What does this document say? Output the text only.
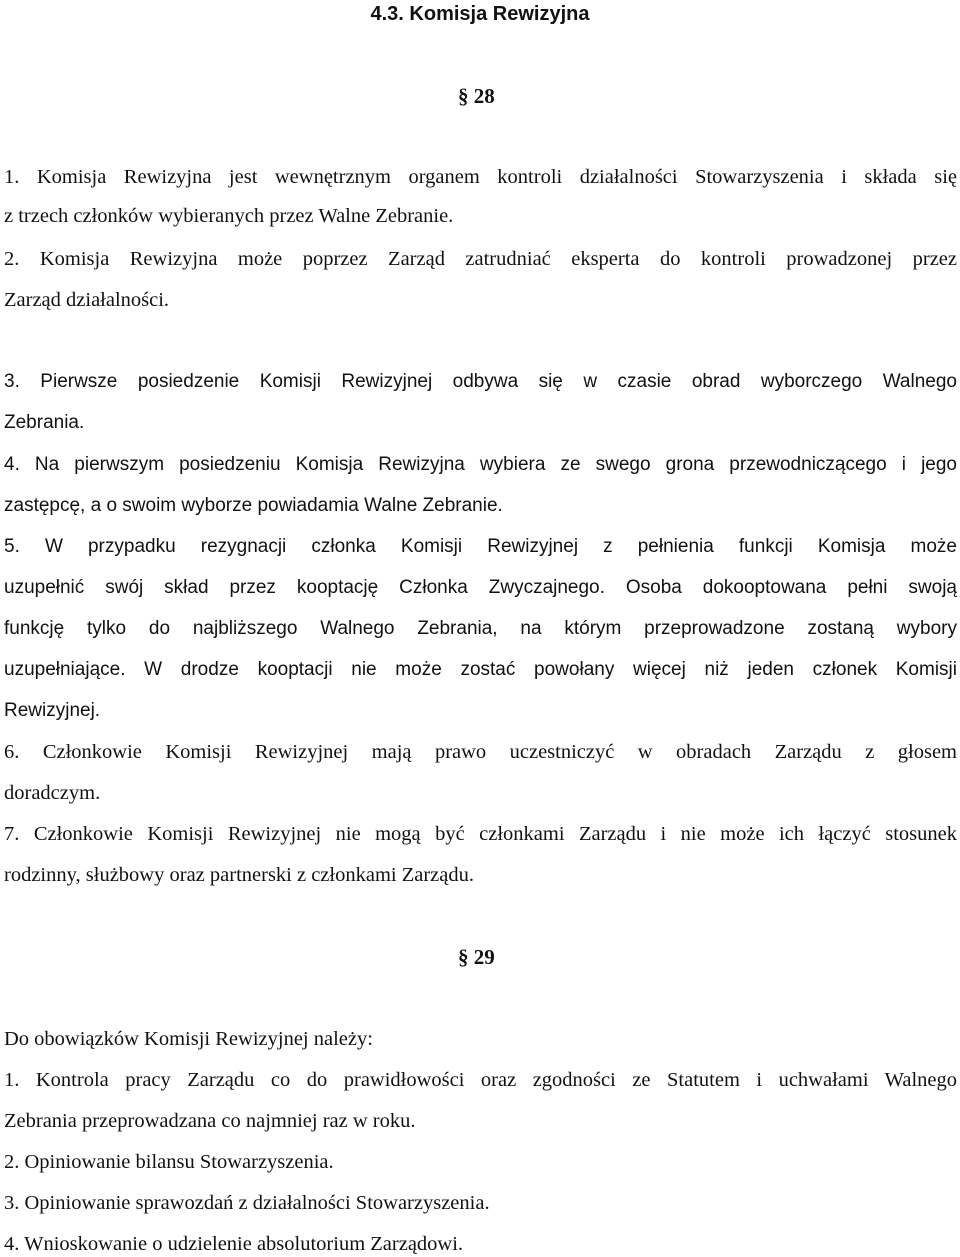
4.3. Komisja Rewizyjna
§ 28
1. Komisja Rewizyjna jest wewnętrznym organem kontroli działalności Stowarzyszenia i składa się
z trzech członków wybieranych przez Walne Zebranie.
2. Komisja Rewizyjna może poprzez Zarząd zatrudniać eksperta do kontroli prowadzonej przez
Zarząd działalności.
3. Pierwsze posiedzenie Komisji Rewizyjnej odbywa się w czasie obrad wyborczego Walnego
Zebrania.
4. Na pierwszym posiedzeniu Komisja Rewizyjna wybiera ze swego grona przewodniczącego i jego
zastępcę, a o swoim wyborze powiadamia Walne Zebranie.
5. W przypadku rezygnacji członka Komisji Rewizyjnej z pełnienia funkcji Komisja może
uzupełnić swój skład przez kooptację Członka Zwyczajnego. Osoba dokooptowana pełni swoją
funkcję tylko do najbliższego Walnego Zebrania, na którym przeprowadzone zostaną wybory
uzupełniające. W drodze kooptacji nie może zostać powołany więcej niż jeden członek Komisji
Rewizyjnej.
6. Członkowie Komisji Rewizyjnej mają prawo uczestniczyć w obradach Zarządu z głosem
doradczym.
7. Członkowie Komisji Rewizyjnej nie mogą być członkami Zarządu i nie może ich łączyć stosunek
rodzinny, służbowy oraz partnerski z członkami Zarządu.
§ 29
Do obowiązków Komisji Rewizyjnej należy:
1. Kontrola pracy Zarządu co do prawidłowości oraz zgodności ze Statutem i uchwałami Walnego
Zebrania przeprowadzana co najmniej raz w roku.
2. Opiniowanie bilansu Stowarzyszenia.
3. Opiniowanie sprawozdań z działalności Stowarzyszenia.
4. Wnioskowanie o udzielenie absolutorium Zarządowi.
